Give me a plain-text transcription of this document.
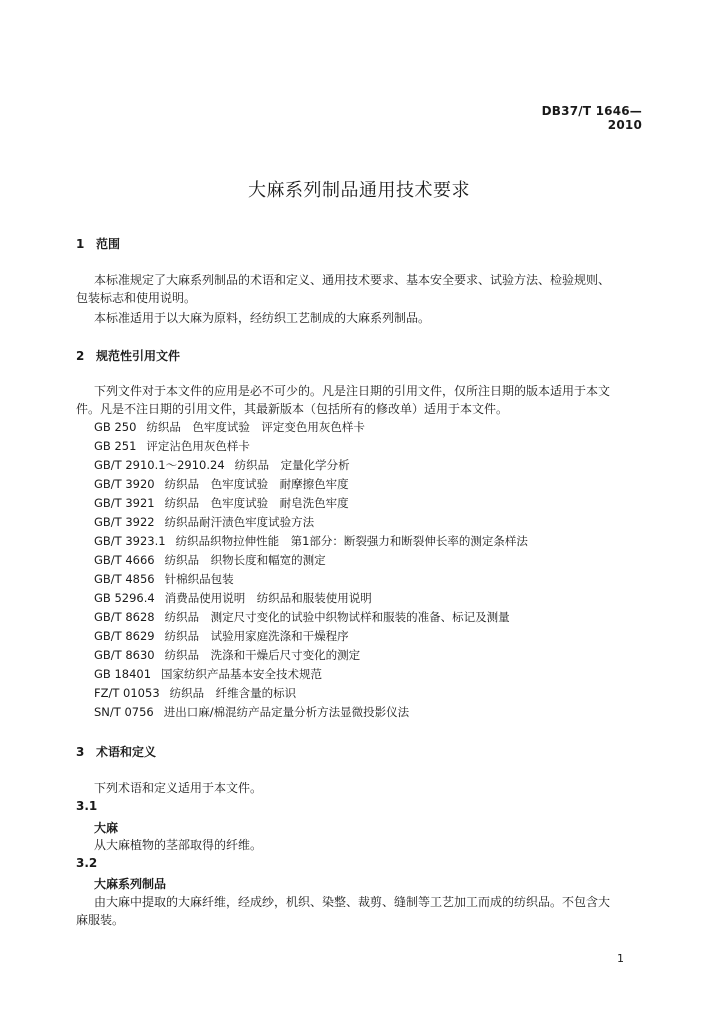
DB37/T 1646—2010
大麻系列制品通用技术要求
1 范围

本标准规定了大麻系列制品的术语和定义、通用技术要求、基本安全要求、试验方法、检验规则、

包装标志和使用说明。

本标准适用于以大麻为原料，经纺织工艺制成的大麻系列制品。

2 规范性引用文件

下列文件对于本文件的应用是必不可少的。凡是注日期的引用文件，仅所注日期的版本适用于本文

件。凡是不注日期的引用文件，其最新版本（包括所有的修改单）适用于本文件。

GB 250 纺织品　色牢度试验　评定变色用灰色样卡
GB 251 评定沾色用灰色样卡
GB/T 2910.1～2910.24 纺织品　定量化学分析
GB/T 3920 纺织品　色牢度试验　耐摩擦色牢度
GB/T 3921 纺织品　色牢度试验　耐皂洗色牢度
GB/T 3922 纺织品耐汗渍色牢度试验方法
GB/T 3923.1 纺织品织物拉伸性能　第1部分：断裂强力和断裂伸长率的测定条样法
GB/T 4666 纺织品　织物长度和幅宽的测定
GB/T 4856 针棉织品包装
GB 5296.4 消费品使用说明　纺织品和服装使用说明
GB/T 8628 纺织品　测定尺寸变化的试验中织物试样和服装的准备、标记及测量
GB/T 8629 纺织品　试验用家庭洗涤和干燥程序
GB/T 8630 纺织品　洗涤和干燥后尺寸变化的测定
GB 18401 国家纺织产品基本安全技术规范
FZ/T 01053 纺织品　纤维含量的标识
SN/T 0756 进出口麻/棉混纺产品定量分析方法显微投影仪法
3 术语和定义

下列术语和定义适用于本文件。

3.1
大麻
从大麻植物的茎部取得的纤维。
3.2
大麻系列制品
由大麻中提取的大麻纤维，经成纱，机织、染整、裁剪、缝制等工艺加工而成的纺织品。不包含大
麻服装。
1
